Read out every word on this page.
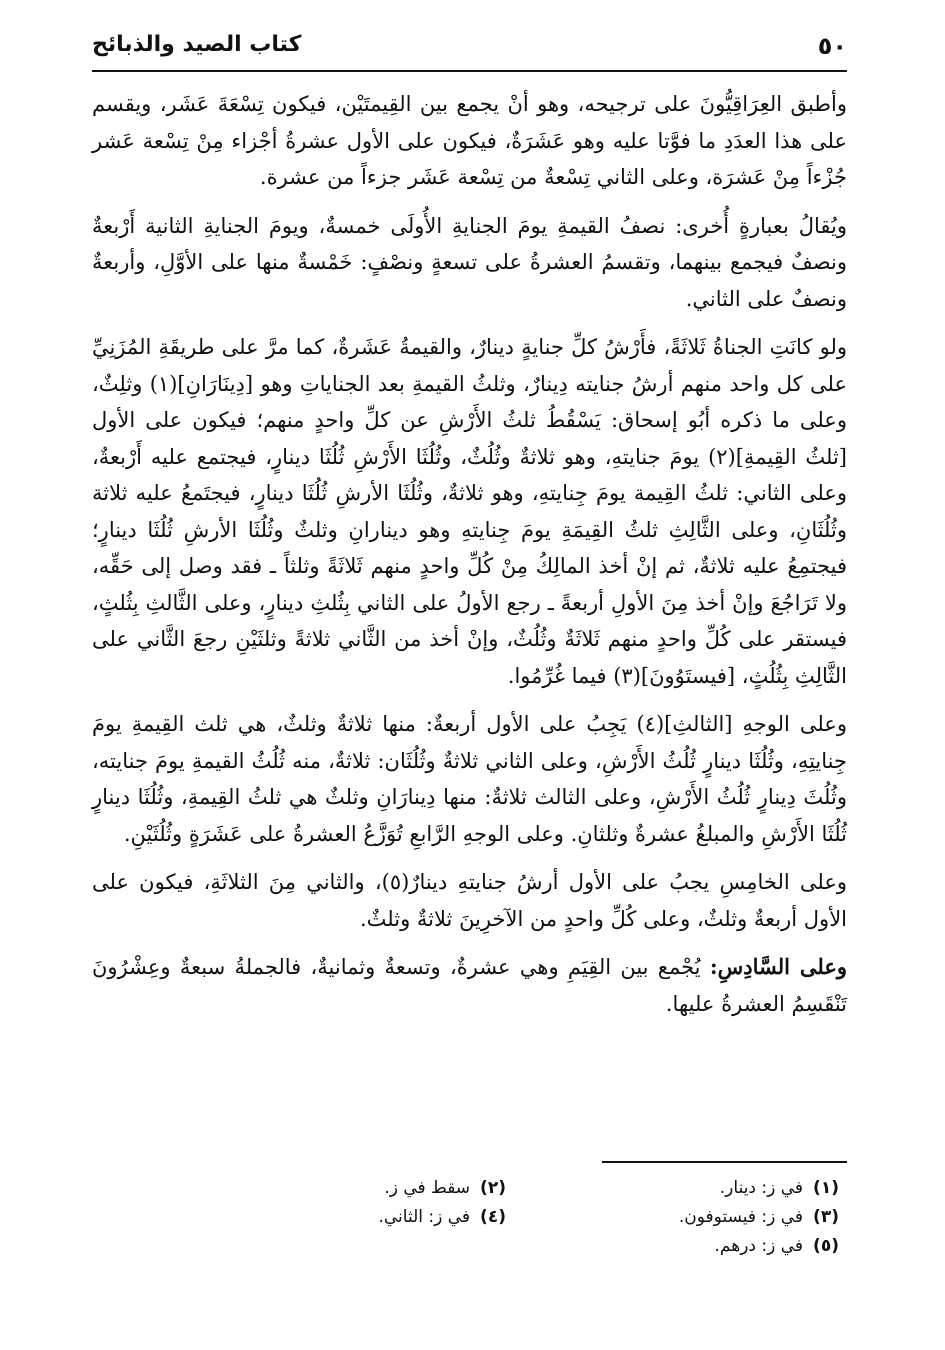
٥٠
كتاب الصيد والذبائح

وأطبق العِرَاقِيُّونَ على ترجيحه، وهو أنْ يجمع بين القِيمتَيْن، فيكون تِسْعَةَ عَشَر، ويقسم على هذا العدَدِ ما فوَّتا عليه وهو عَشَرَةٌ، فيكون على الأول عشرةُ أجْزاء مِنْ تِسْعة عَشر جُزْءاً مِنْ عَشرَة، وعلى الثاني تِسْعةٌ من تِسْعة عَشَر جزءاً من عشرة.

ويُقالُ بعبارةٍ أُخرى: نصفُ القيمةِ يومَ الجنايةِ الأُولَى خمسةٌ، ويومَ الجنايةِ الثانية أَرْبعةٌ ونصفٌ فيجمع بينهما، وتقسمُ العشرةُ على تسعةٍ ونصْفٍ: خَمْسةٌ منها على الأوَّلِ، وأربعةٌ ونصفٌ على الثاني.

ولو كانَتِ الجناةُ ثَلاثَةً، فأَرْشُ كلِّ جنايةٍ دينارٌ، والقيمةُ عَشَرةٌ، كما مرَّ على طريقَةِ المُزَنِيِّ على كل واحد منهم أرشُ جنايته دِينارٌ، وثلثُ القيمةِ بعد الجناياتِ وهو [دِينَارَانِ](١) وثلِثٌ، وعلى ما ذكره أبُو إسحاق: يَسْقُطُ ثلثُ الأَرْشِ عن كلِّ واحدٍ منهم؛ فيكون على الأول [ثلثُ القِيمةِ](٢) يومَ جنايتهِ، وهو ثلاثةٌ وثُلُثٌ، وثُلُثَا الأَرْشِ ثُلُثَا دينارٍ، فيجتمع عليه أَرْبعةٌ، وعلى الثاني: ثلثُ القِيمة يومَ جِنايتهِ، وهو ثلاثةٌ، وثُلُثَا الأرشِ ثُلُثَا دينارٍ، فيجتَمعُ عليه ثلاثة وثُلُثَانِ، وعلى الثَّالِثِ ثلثُ القِيمَةِ يومَ جِنايتهِ وهو دينارانِ وثلثٌ وثُلُثَا الأرشِ ثُلُثَا دينارٍ؛ فيجتمِعُ عليه ثلاثةٌ، ثم إنْ أخذ المالِكُ مِنْ كُلِّ واحدٍ منهم ثَلاثَةً وثلثاً ـ فقد وصل إلى حَقِّه، ولا تَرَاجُعَ وإنْ أخذ مِنَ الأولِ أربعةً ـ رجع الأولُ على الثاني بِثُلثِ دينارٍ، وعلى الثَّالثِ بِثُلثٍ، فيستقر على كُلِّ واحدٍ منهم ثَلاثَةٌ وثُلُثٌ، وإنْ أخذ من الثَّاني ثلاثةً وثلثَيْنِ رجعَ الثَّاني على الثَّالِثِ بِثُلُثٍ، [فيستَوُونَ](٣) فيما غُرِّمُوا.

وعلى الوجهِ [الثالثِ](٤) يَجِبُ على الأول أربعةٌ: منها ثلاثةٌ وثلثٌ، هي ثلث القِيمةِ يومَ جِنايتِهِ، وثُلُثَا دينارٍ ثُلُثُ الأَرْشِ، وعلى الثاني ثلاثةٌ وثُلُثَان: ثلاثةٌ، منه ثُلُثُ القيمةِ يومَ جنايته، وثُلُثَ دِينارٍ ثُلُثُ الأَرْشِ، وعلى الثالث ثلاثةٌ: منها دِينارَانِ وثلثٌ هي ثلثُ القِيمةِ، وثُلُثَا دينارٍ ثُلُثَا الأَرْشِ والمبلغُ عشرةٌ وثلثانِ. وعلى الوجهِ الرَّابعِ تُوَزَّعُ العشرةُ على عَشَرَةٍ وثُلُثَيْنِ.

وعلى الخامِسِ يجبُ على الأول أرشُ جنايتهِ دينارٌ(٥)، والثاني مِنَ الثلاثَةِ، فيكون على الأول أربعةٌ وثلثٌ، وعلى كُلِّ واحدٍ من الآخرِينَ ثلاثةٌ وثلثٌ.

وعلى السَّادِسِ: يُجْمع بين القِيَمِ وهي عشرةٌ، وتسعةٌ وثمانيةٌ، فالجملةُ سبعةٌ وعِشْرُونَ تَنْقَسِمُ العشرةُ عليها.

(١)في ز: دينار.
(٢)سقط في ز.
(٣)في ز: فيستوفون.
(٤)في ز: الثاني.
(٥)في ز: درهم.
